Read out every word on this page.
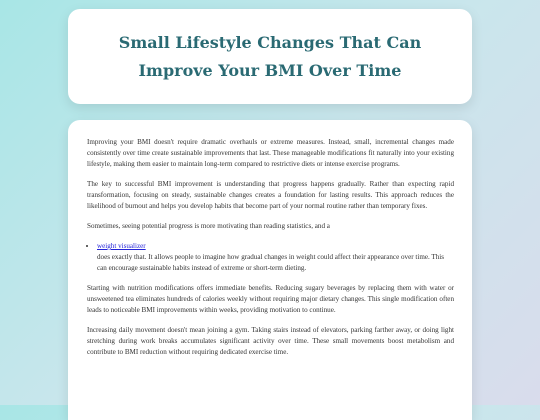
Small Lifestyle Changes That Can Improve Your BMI Over Time

Improving your BMI doesn't require dramatic overhauls or extreme measures. Instead, small, incremental changes made consistently over time create sustainable improvements that last. These manageable modifications fit naturally into your existing lifestyle, making them easier to maintain long-term compared to restrictive diets or intense exercise programs.

The key to successful BMI improvement is understanding that progress happens gradually. Rather than expecting rapid transformation, focusing on steady, sustainable changes creates a foundation for lasting results. This approach reduces the likelihood of burnout and helps you develop habits that become part of your normal routine rather than temporary fixes.

Sometimes, seeing potential progress is more motivating than reading statistics, and a

• weight visualizer
does exactly that. It allows people to imagine how gradual changes in weight could affect their appearance over time. This can encourage sustainable habits instead of extreme or short-term dieting.

Starting with nutrition modifications offers immediate benefits. Reducing sugary beverages by replacing them with water or unsweetened tea eliminates hundreds of calories weekly without requiring major dietary changes. This single modification often leads to noticeable BMI improvements within weeks, providing motivation to continue.

Increasing daily movement doesn't mean joining a gym. Taking stairs instead of elevators, parking farther away, or doing light stretching during work breaks accumulates significant activity over time. These small movements boost metabolism and contribute to BMI reduction without requiring dedicated exercise time.
